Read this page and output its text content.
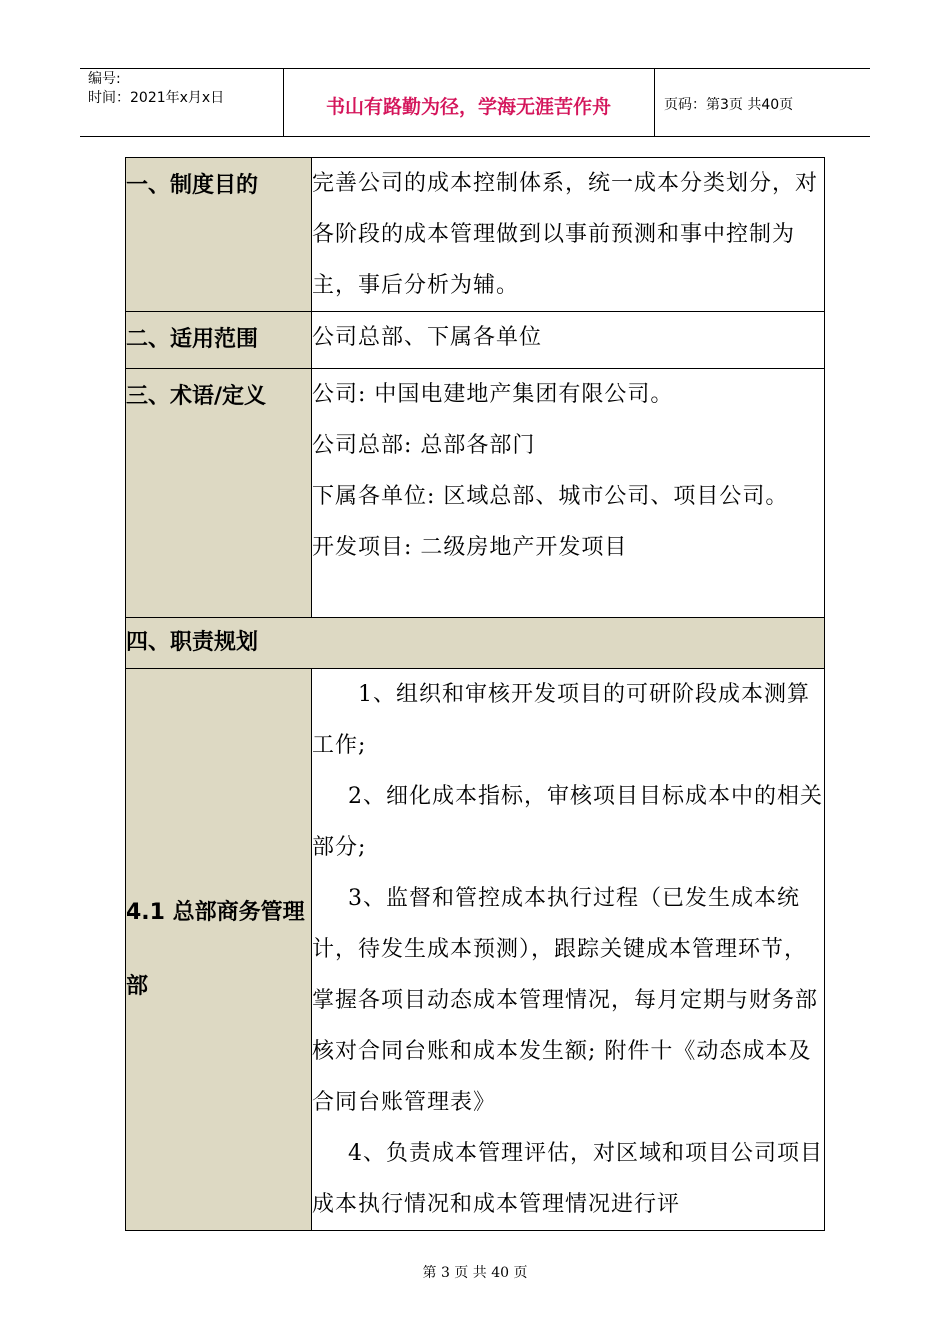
编号:
时间：2021年x月x日	书山有路勤为径，学海无涯苦作舟	页码：第3页 共40页
一、制度目的	完善公司的成本控制体系，统一成本分类划分，对各阶段的成本管理做到以事前预测和事中控制为主，事后分析为辅。

二、适用范围	公司总部、下属各单位

三、术语/定义	公司: 中国电建地产集团有限公司。
公司总部: 总部各部门
下属各单位: 区域总部、城市公司、项目公司。
开发项目: 二级房地产开发项目

四、职责规划	

4.1 总部商务管理部	1、组织和审核开发项目的可研阶段成本测算工作;
2、细化成本指标，审核项目目标成本中的相关部分;
3、监督和管控成本执行过程（已发生成本统计，待发生成本预测），跟踪关键成本管理环节，掌握各项目动态成本管理情况，每月定期与财务部核对合同台账和成本发生额; 附件十《动态成本及合同台账管理表》
4、负责成本管理评估，对区域和项目公司项目成本执行情况和成本管理情况进行评
第 3 页 共 40 页
